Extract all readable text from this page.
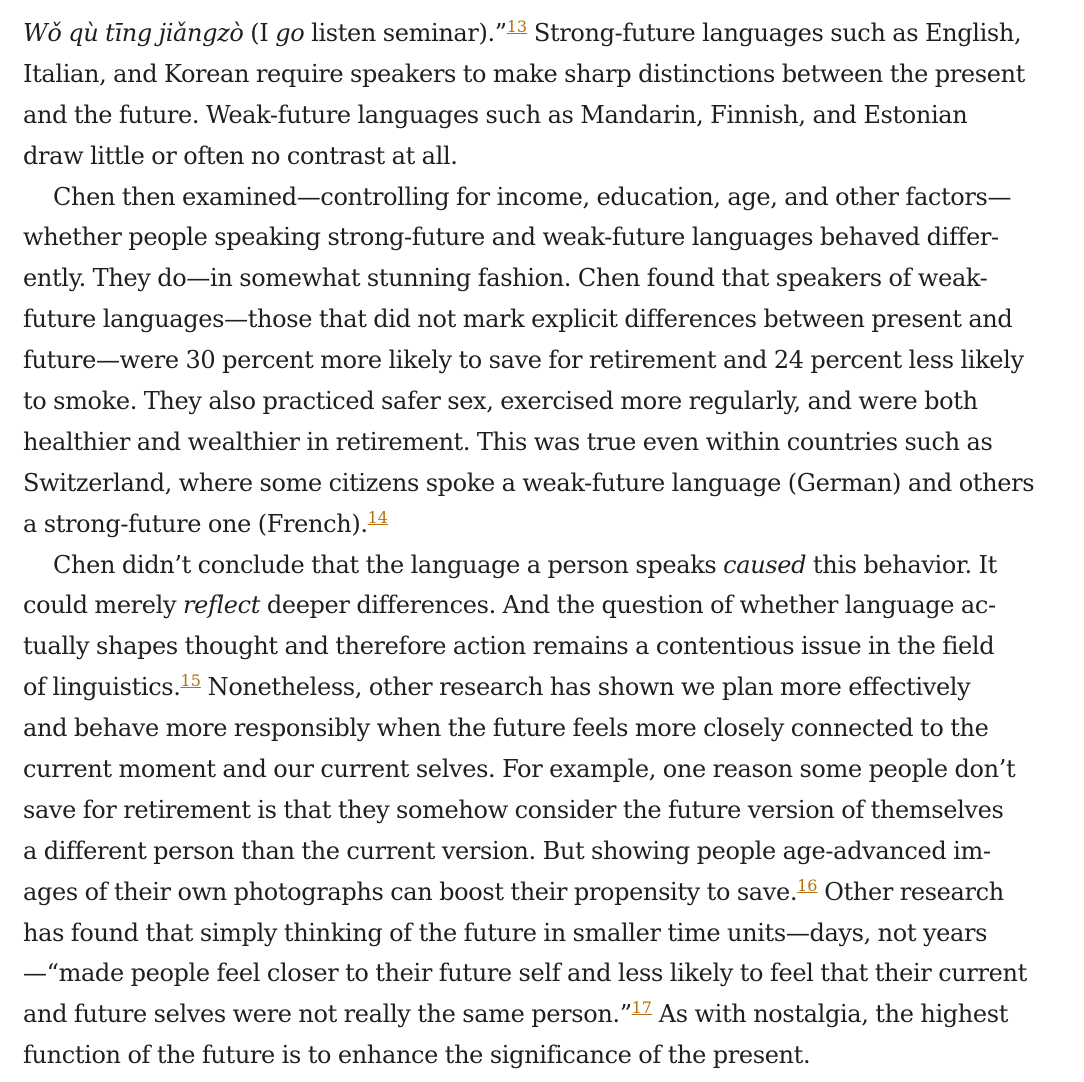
Wǒ qù tīng jiǎngzò (I go listen seminar).”$^{13}$ Strong-future languages such as English,
Italian, and Korean require speakers to make sharp distinctions between the present
and the future. Weak-future languages such as Mandarin, Finnish, and Estonian
draw little or often no contrast at all.
Chen then examined—controlling for income, education, age, and other factors—
whether people speaking strong-future and weak-future languages behaved differ-
ently. They do—in somewhat stunning fashion. Chen found that speakers of weak-
future languages—those that did not mark explicit differences between present and
future—were 30 percent more likely to save for retirement and 24 percent less likely
to smoke. They also practiced safer sex, exercised more regularly, and were both
healthier and wealthier in retirement. This was true even within countries such as
Switzerland, where some citizens spoke a weak-future language (German) and others
a strong-future one (French).$^{14}$
Chen didn’t conclude that the language a person speaks caused this behavior. It
could merely reflect deeper differences. And the question of whether language ac-
tually shapes thought and therefore action remains a contentious issue in the field
of linguistics.$^{15}$ Nonetheless, other research has shown we plan more effectively
and behave more responsibly when the future feels more closely connected to the
current moment and our current selves. For example, one reason some people don’t
save for retirement is that they somehow consider the future version of themselves
a different person than the current version. But showing people age-advanced im-
ages of their own photographs can boost their propensity to save.$^{16}$ Other research
has found that simply thinking of the future in smaller time units—days, not years
—“made people feel closer to their future self and less likely to feel that their current
and future selves were not really the same person.”$^{17}$ As with nostalgia, the highest
function of the future is to enhance the significance of the present.
